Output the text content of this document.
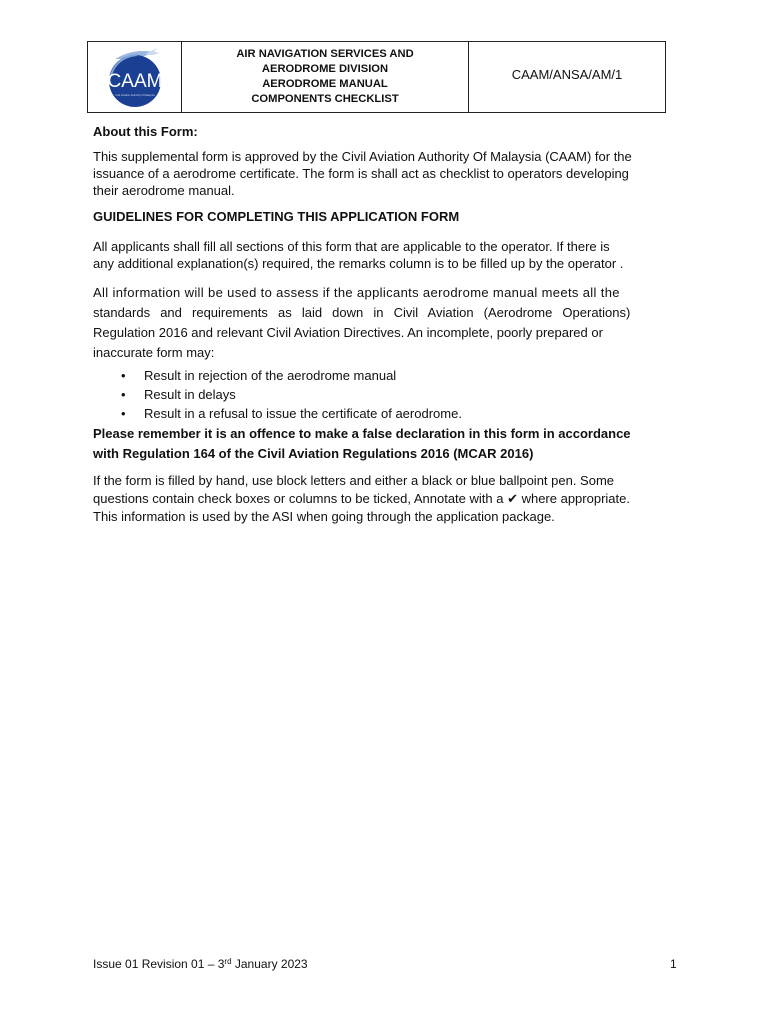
CAAM
Civil Aviation Authority of Malaysia
AIR NAVIGATION SERVICES AND
AERODROME DIVISION
AERODROME MANUAL
COMPONENTS CHECKLIST
CAAM/ANSA/AM/1
About this Form:
This supplemental form is approved by the Civil Aviation Authority Of Malaysia (CAAM) for the
issuance of a aerodrome certificate. The form is shall act as checklist to operators developing
their aerodrome manual.
GUIDELINES FOR COMPLETING THIS APPLICATION FORM
All applicants shall fill all sections of this form that are applicable to the operator. If there is
any additional explanation(s) required, the remarks column is to be filled up by the operator .
All information will be used to assess if the applicants aerodrome manual meets all the
standards and requirements as laid down in Civil Aviation (Aerodrome Operations)
Regulation 2016 and relevant Civil Aviation Directives. An incomplete, poorly prepared or
inaccurate form may:
• Result in rejection of the aerodrome manual
• Result in delays
• Result in a refusal to issue the certificate of aerodrome.
Please remember it is an offence to make a false declaration in this form in accordance
with Regulation 164 of the Civil Aviation Regulations 2016 (MCAR 2016)
If the form is filled by hand, use block letters and either a black or blue ballpoint pen. Some
questions contain check boxes or columns to be ticked, Annotate with a ✔ where appropriate.
This information is used by the ASI when going through the application package.
Issue 01 Revision 01 – 3rd January 2023	1
